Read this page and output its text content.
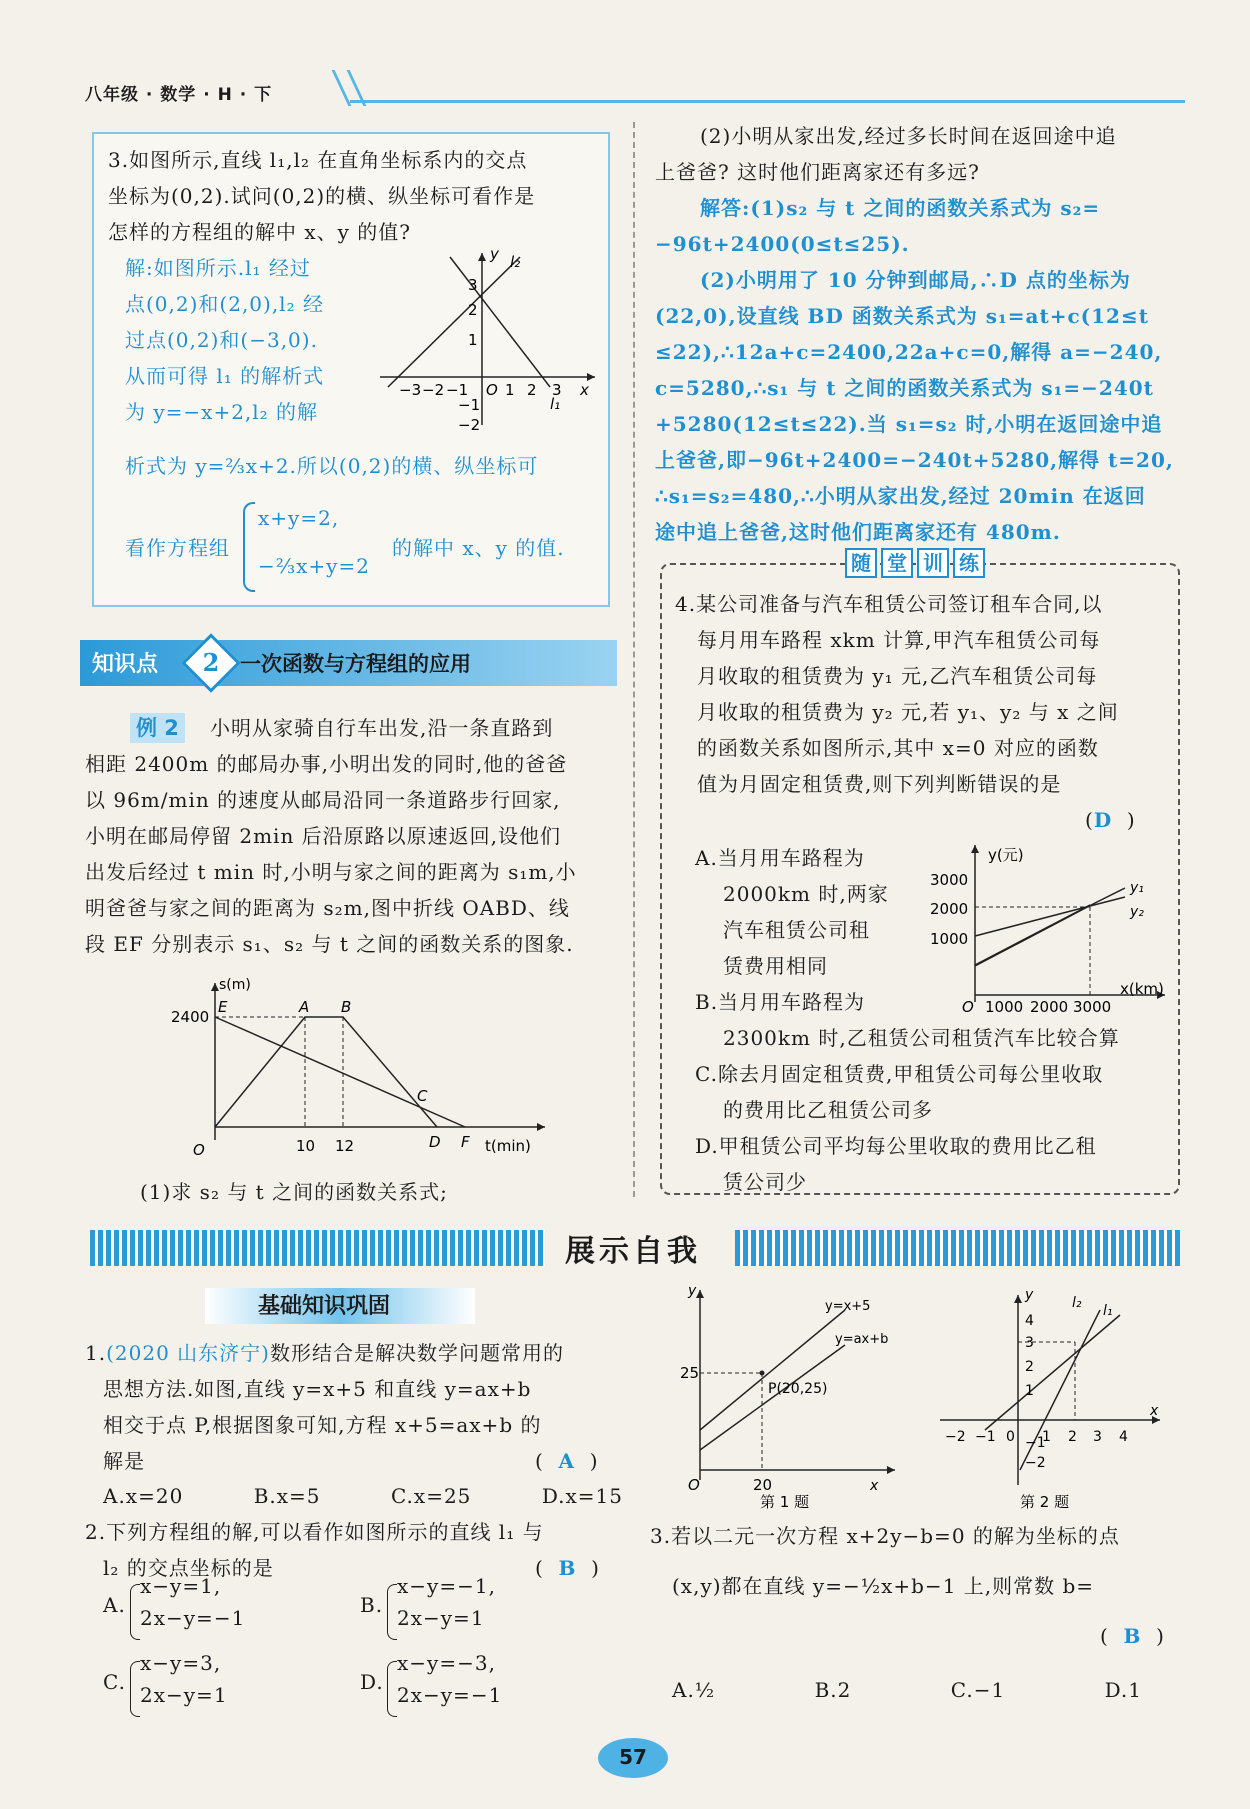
八年级 · 数学 · H · 下
3.如图所示,直线 l₁,l₂ 在直角坐标系内的交点
坐标为(0,2).试问(0,2)的横、纵坐标可看作是
怎样的方程组的解中 x、y 的值?
解:如图所示.l₁ 经过
点(0,2)和(2,0),l₂ 经
过点(0,2)和(−3,0).
从而可得 l₁ 的解析式
为 y=−x+2,l₂ 的解
析式为 y=⅔x+2.所以(0,2)的横、纵坐标可
看作方程组
x+y=2,
−⅔x+y=2
的解中 x、y 的值.
−3 −2 −1 O 1 2 3 x
y
3
2
1
−1
−2
l₁
l₂
知识点	2 一次函数与方程组的应用
例 2	小明从家骑自行车出发,沿一条直路到
相距 2400m 的邮局办事,小明出发的同时,他的爸爸
以 96m/min 的速度从邮局沿同一条道路步行回家,
小明在邮局停留 2min 后沿原路以原速返回,设他们
出发后经过 t min 时,小明与家之间的距离为 s₁m,小
明爸爸与家之间的距离为 s₂m,图中折线 OABD、线
段 EF 分别表示 s₁、s₂ 与 t 之间的函数关系的图象.
s(m)
2400
E	A B
C
D F
O	10 12	t(min)
(1)求 s₂ 与 t 之间的函数关系式;
(2)小明从家出发,经过多长时间在返回途中追
上爸爸? 这时他们距离家还有多远?
解答:(1)s₂ 与 t 之间的函数关系式为 s₂=
−96t+2400(0≤t≤25).
(2)小明用了 10 分钟到邮局,∴D 点的坐标为
(22,0),设直线 BD 函数关系式为 s₁=at+c(12≤t
≤22),∴12a+c=2400,22a+c=0,解得 a=−240,
c=5280,∴s₁ 与 t 之间的函数关系式为 s₁=−240t
+5280(12≤t≤22).当 s₁=s₂ 时,小明在返回途中追
上爸爸,即−96t+2400=−240t+5280,解得 t=20,
∴s₁=s₂=480,∴小明从家出发,经过 20min 在返回
途中追上爸爸,这时他们距离家还有 480m.
随 堂 训 练
4.某公司准备与汽车租赁公司签订租车合同,以
每月用车路程 xkm 计算,甲汽车租赁公司每
月收取的租赁费为 y₁ 元,乙汽车租赁公司每
月收取的租赁费为 y₂ 元,若 y₁、y₂ 与 x 之间
的函数关系如图所示,其中 x=0 对应的函数
值为月固定租赁费,则下列判断错误的是
(D  )
A.当月用车路程为
2000km 时,两家
汽车租赁公司租
赁费用相同
B.当月用车路程为
2300km 时,乙租赁公司租赁汽车比较合算
C.除去月固定租赁费,甲租赁公司每公里收取
的费用比乙租赁公司多
D.甲租赁公司平均每公里收取的费用比乙租
赁公司少
y(元)
3000
2000
1000
O 1000 2000 3000
x(km)
y₁
y₂
展示自我
基础知识巩固
1.(2020 山东济宁)数形结合是解决数学问题常用的
思想方法.如图,直线 y=x+5 和直线 y=ax+b
相交于点 P,根据图象可知,方程 x+5=ax+b 的
解是	(  A  )
A.x=20	B.x=5	C.x=25	D.x=15
2.下列方程组的解,可以看作如图所示的直线 l₁ 与
l₂ 的交点坐标的是	(  B  )
A.
x−y=1,
2x−y=−1
B.
x−y=−1,
2x−y=1
C.
x−y=3,
2x−y=1
D.
x−y=−3,
2x−y=−1
y=x+5
y=ax+b
P(20,25)
25
20
y
x
O
第 1 题
−2 −1 0 1 2 3 4
x
y
4
3
2
1
−1
−2
l₂ l₁
第 2 题
3.若以二元一次方程 x+2y−b=0 的解为坐标的点
(x,y)都在直线 y=−½x+b−1 上,则常数 b=
(  B  )
A.½	B.2	C.−1	D.1
57
